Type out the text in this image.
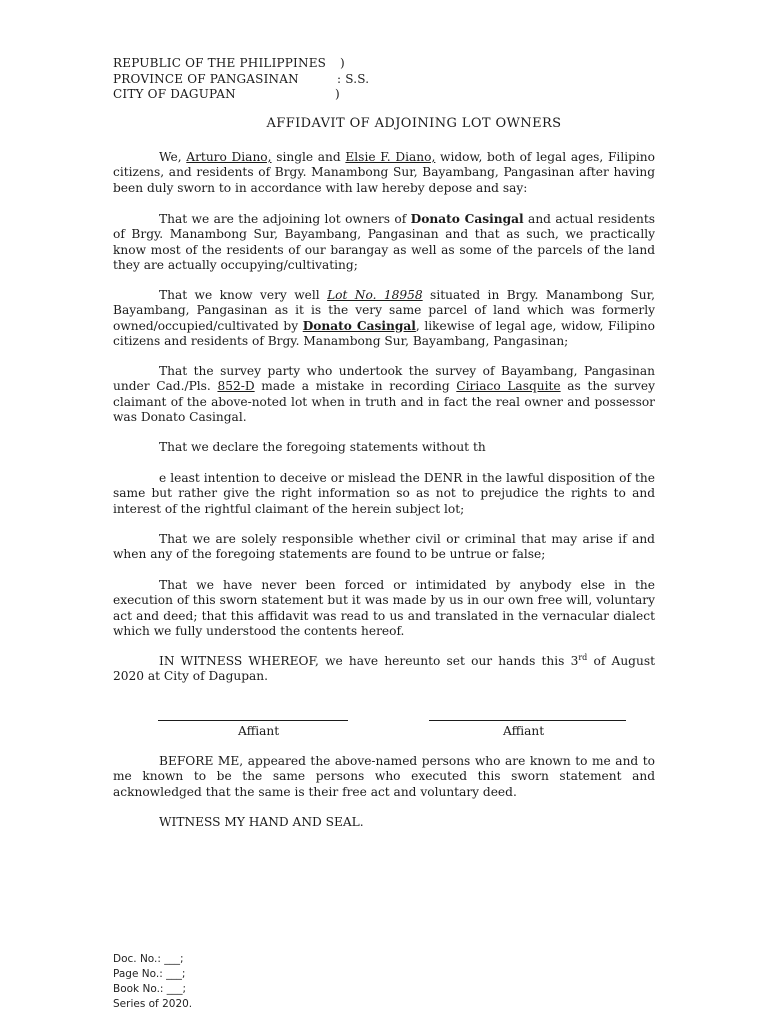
REPUBLIC OF THE PHILIPPINES )
PROVINCE OF PANGASINAN	: S.S.
CITY OF DAGUPAN	)
AFFIDAVIT OF ADJOINING LOT OWNERS
We, Arturo Diano, single and Elsie F. Diano, widow, both of legal ages, Filipino citizens, and residents of Brgy. Manambong Sur, Bayambang, Pangasinan after having been duly sworn to in accordance with law hereby depose and say:
That we are the adjoining lot owners of Donato Casingal and actual residents of Brgy. Manambong Sur, Bayambang, Pangasinan and that as such, we practically know most of the residents of our barangay as well as some of the parcels of the land they are actually occupying/cultivating;
That we know very well Lot No. 18958 situated in Brgy. Manambong Sur, Bayambang, Pangasinan as it is the very same parcel of land which was formerly owned/occupied/cultivated by Donato Casingal, likewise of legal age, widow, Filipino citizens and residents of Brgy. Manambong Sur, Bayambang, Pangasinan;
That the survey party who undertook the survey of Bayambang, Pangasinan under Cad./Pls. 852-D made a mistake in recording Ciriaco Lasquite as the survey claimant of the above-noted lot when in truth and in fact the real owner and possessor was Donato Casingal.
That we declare the foregoing statements without th
e least intention to deceive or mislead the DENR in the lawful disposition of the same but rather give the right information so as not to prejudice the rights to and interest of the rightful claimant of the herein subject lot;
That we are solely responsible whether civil or criminal that may arise if and when any of the foregoing statements are found to be untrue or false;
That we have never been forced or intimidated by anybody else in the execution of this sworn statement but it was made by us in our own free will, voluntary act and deed; that this affidavit was read to us and translated in the vernacular dialect which we fully understood the contents hereof.
IN WITNESS WHEREOF, we have hereunto set our hands this 3rd of August 2020 at City of Dagupan.
Affiant	Affiant
BEFORE ME, appeared the above-named persons who are known to me and to me known to be the same persons who executed this sworn statement and acknowledged that the same is their free act and voluntary deed.
WITNESS MY HAND AND SEAL.
Doc. No.: ___;
Page No.: ___;
Book No.: ___;
Series of 2020.
